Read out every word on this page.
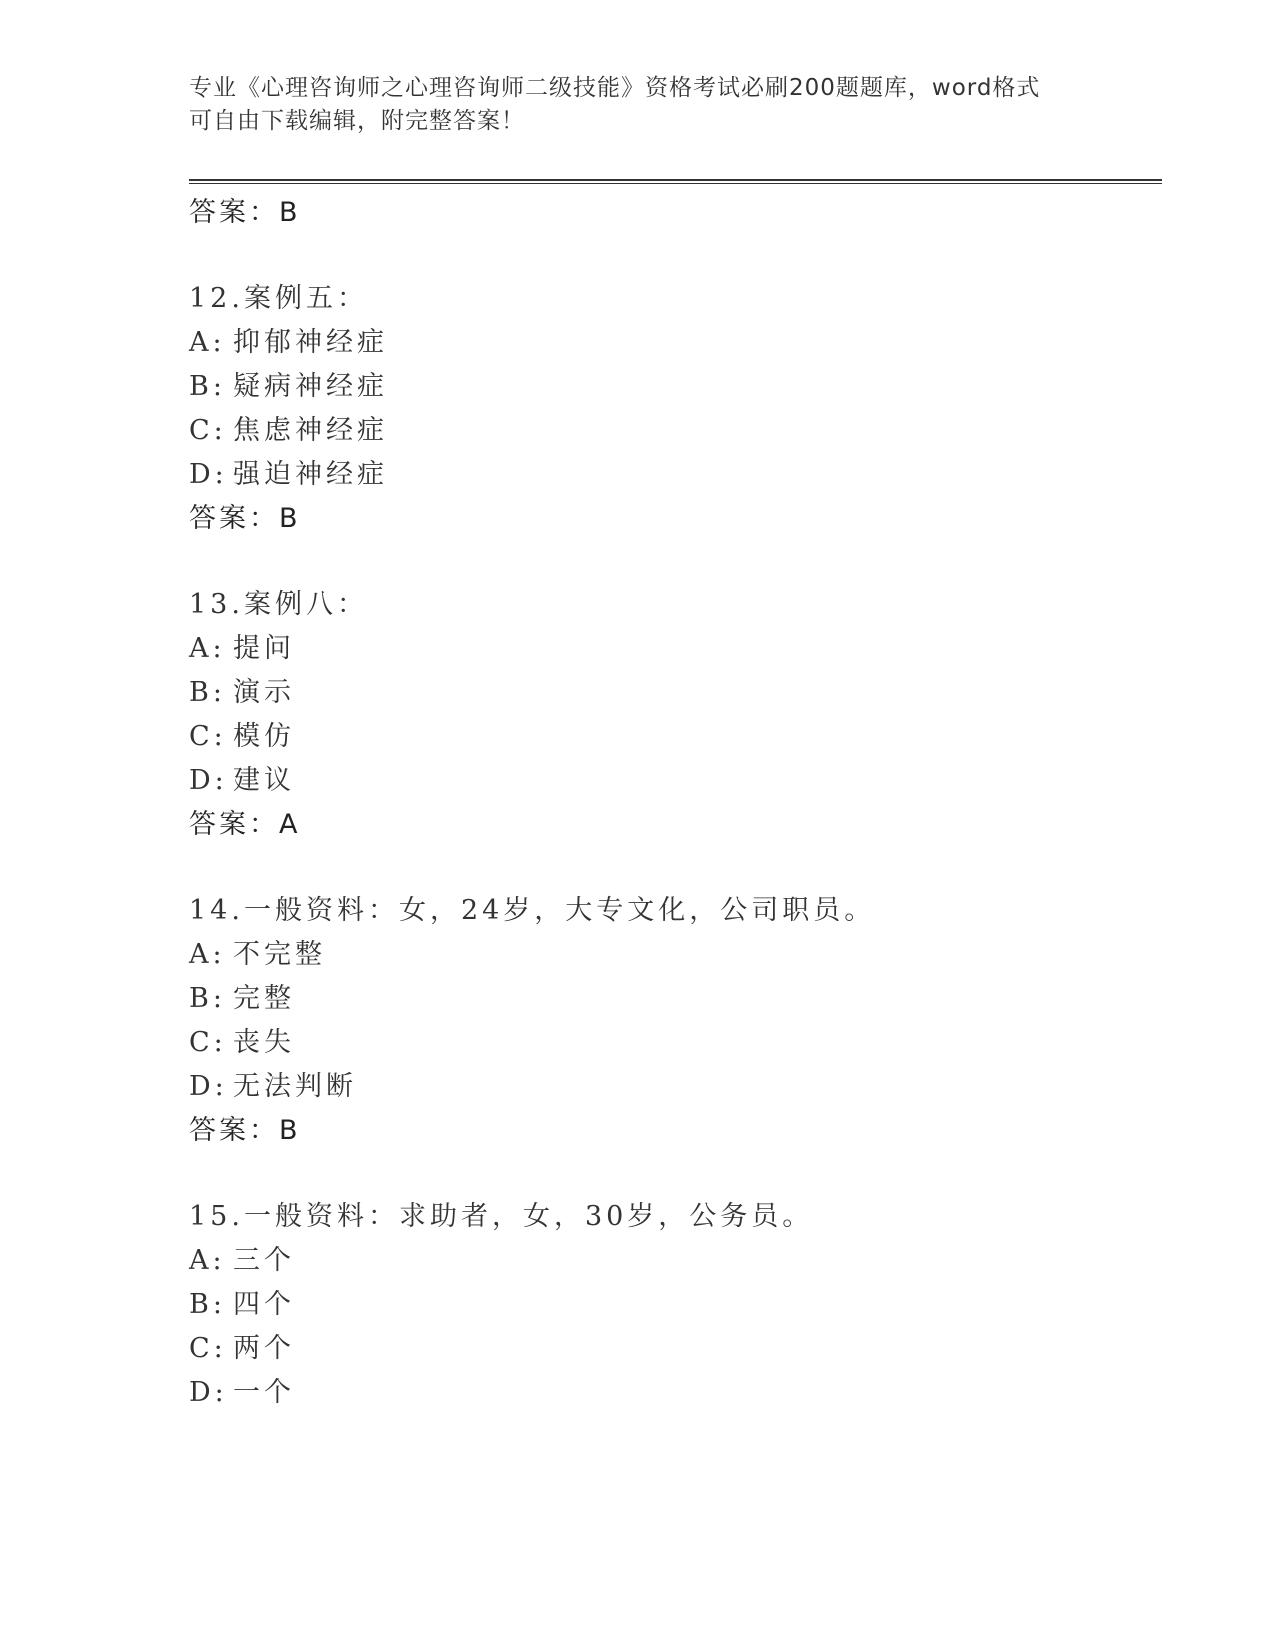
专业《心理咨询师之心理咨询师二级技能》资格考试必刷200题题库，word格式
可自由下载编辑，附完整答案！
答案：B
12.案例五：
A: 抑郁神经症
B: 疑病神经症
C: 焦虑神经症
D: 强迫神经症
答案：B
13.案例八：
A: 提问
B: 演示
C: 模仿
D: 建议
答案：A
14.一般资料：女，24岁，大专文化，公司职员。
A: 不完整
B: 完整
C: 丧失
D: 无法判断
答案：B
15.一般资料：求助者，女，30岁，公务员。
A: 三个
B: 四个
C: 两个
D: 一个
